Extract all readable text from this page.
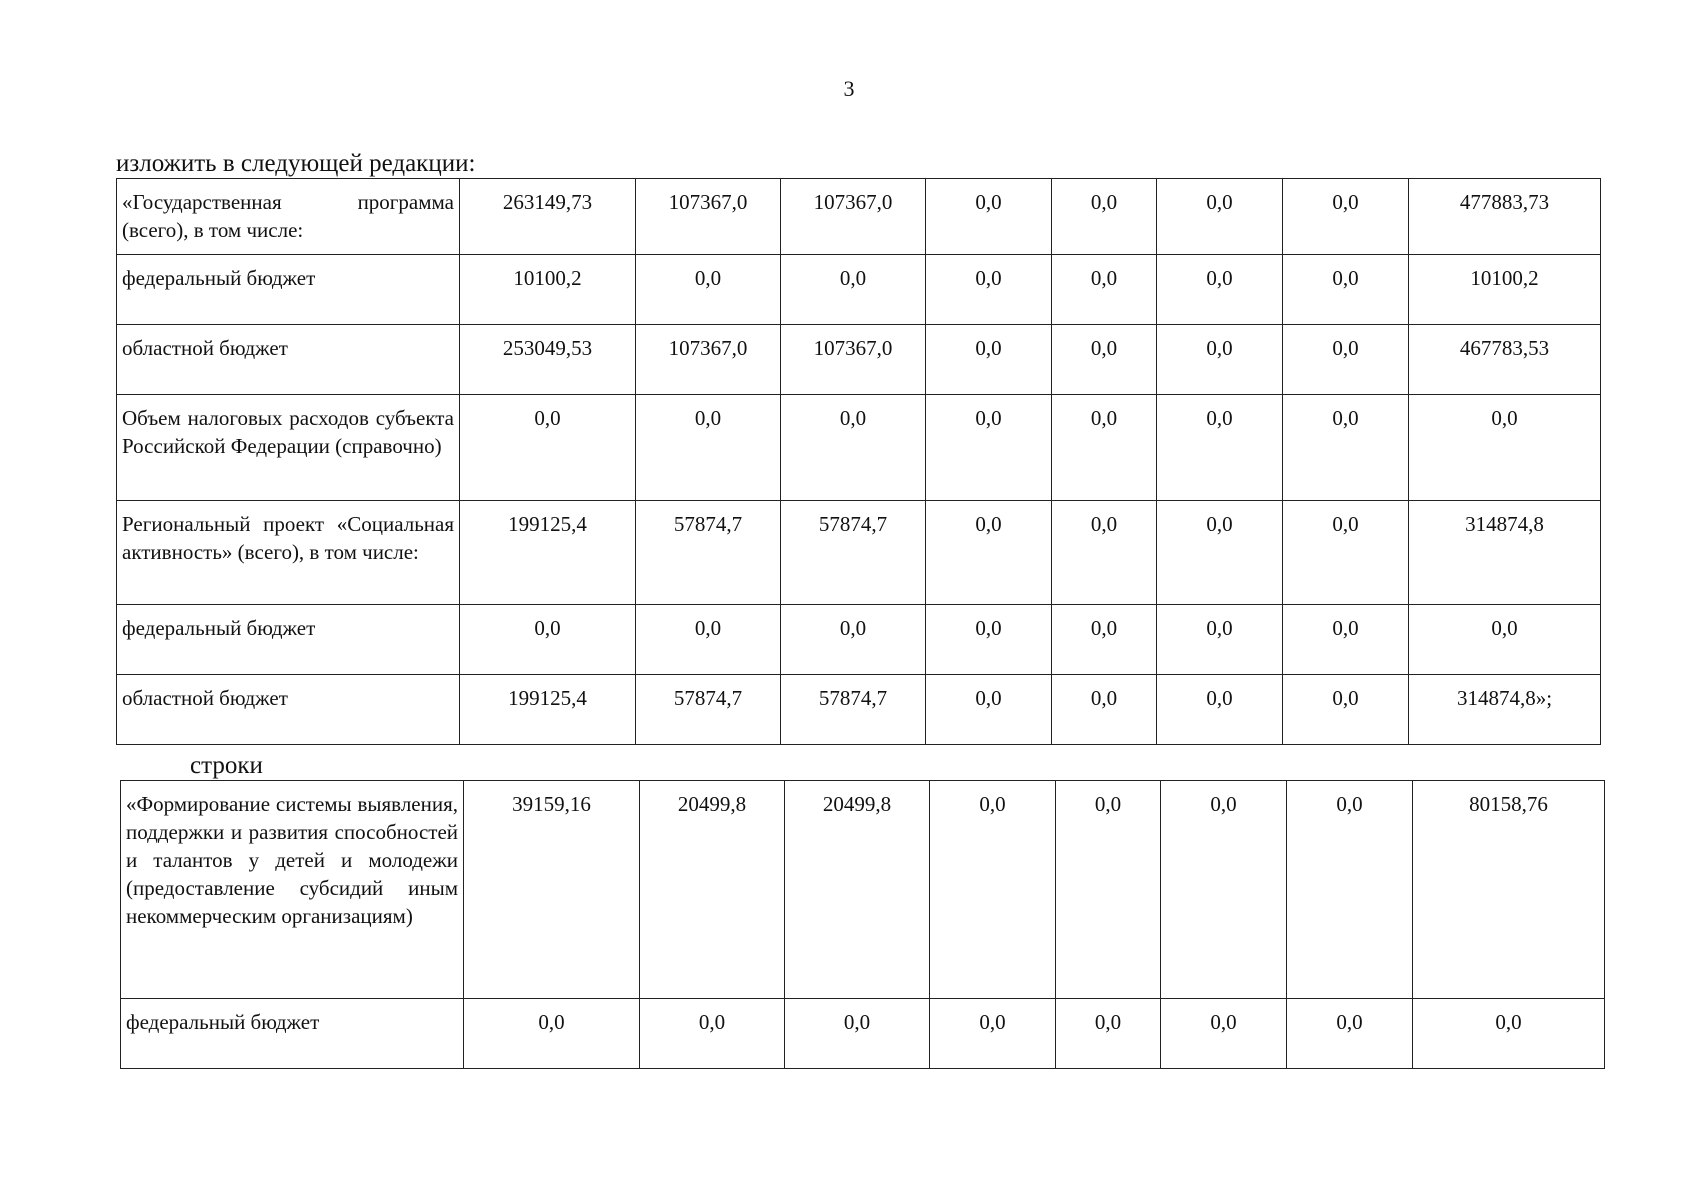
3
изложить в следующей редакции:
«Государственная программа (всего), в том числе:	263149,73	107367,0	107367,0	0,0	0,0	0,0	0,0	477883,73
федеральный бюджет	10100,2	0,0	0,0	0,0	0,0	0,0	0,0	10100,2
областной бюджет	253049,53	107367,0	107367,0	0,0	0,0	0,0	0,0	467783,53
Объем налоговых расходов субъекта Российской Федерации (справочно)	0,0	0,0	0,0	0,0	0,0	0,0	0,0	0,0
Региональный проект «Социальная активность» (всего), в том числе:	199125,4	57874,7	57874,7	0,0	0,0	0,0	0,0	314874,8
федеральный бюджет	0,0	0,0	0,0	0,0	0,0	0,0	0,0	0,0
областной бюджет	199125,4	57874,7	57874,7	0,0	0,0	0,0	0,0	314874,8»;
строки
«Формирование системы выявления, поддержки и развития способностей и талантов у детей и молодежи (предоставление субсидий иным некоммерческим организациям)	39159,16	20499,8	20499,8	0,0	0,0	0,0	0,0	80158,76
федеральный бюджет	0,0	0,0	0,0	0,0	0,0	0,0	0,0	0,0
